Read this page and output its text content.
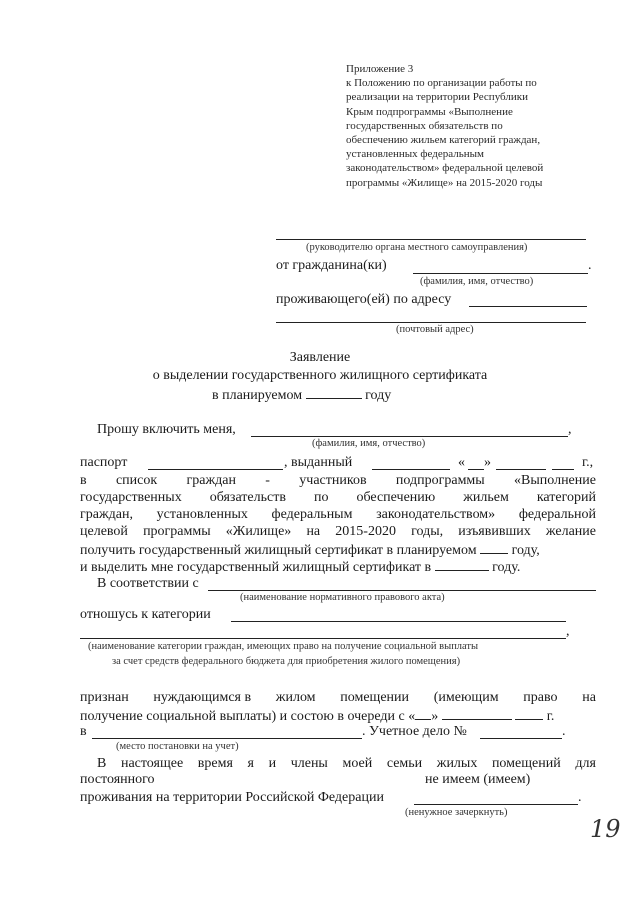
Приложение 3
к Положению по организации работы по
реализации на территории Республики
Крым подпрограммы «Выполнение
государственных обязательств по
обеспечению жильем категорий граждан,
установленных федеральным
законодательством» федеральной целевой
программы «Жилище» на 2015-2020 годы
(руководителю органа местного самоуправления)
от гражданина(ки)	.
(фамилия, имя, отчество)
проживающего(ей) по адресу
(почтовый адрес)
Заявление
о выделении государственного жилищного сертификата
в планируемом	году
Прошу включить меня,	,
(фамилия, имя, отчество)
паспорт	, выданный	« »	г.,
в список граждан - участников подпрограммы «Выполнение
государственных обязательств по обеспечению жильем категорий
граждан, установленных федеральным законодательством» федеральной
целевой программы «Жилище» на 2015-2020 годы, изъявивших желание
получить государственный жилищный сертификат в планируемом	году,
и выделить мне государственный жилищный сертификат в	году.
В соответствии с
(наименование нормативного правового акта)
отношусь к категории
,
(наименование категории граждан, имеющих право на получение социальной выплаты
за счет средств федерального бюджета для приобретения жилого помещения)
признан нуждающимся в жилом помещении (имеющим право на
получение социальной выплаты) и состою в очереди с « »	г.
в	. Учетное дело №	.
(место постановки на учет)
В настоящее время я и члены моей семьи жилых помещений для
постоянного	не имеем (имеем)
проживания на территории Российской Федерации	.
(ненужное зачеркнуть)
19
